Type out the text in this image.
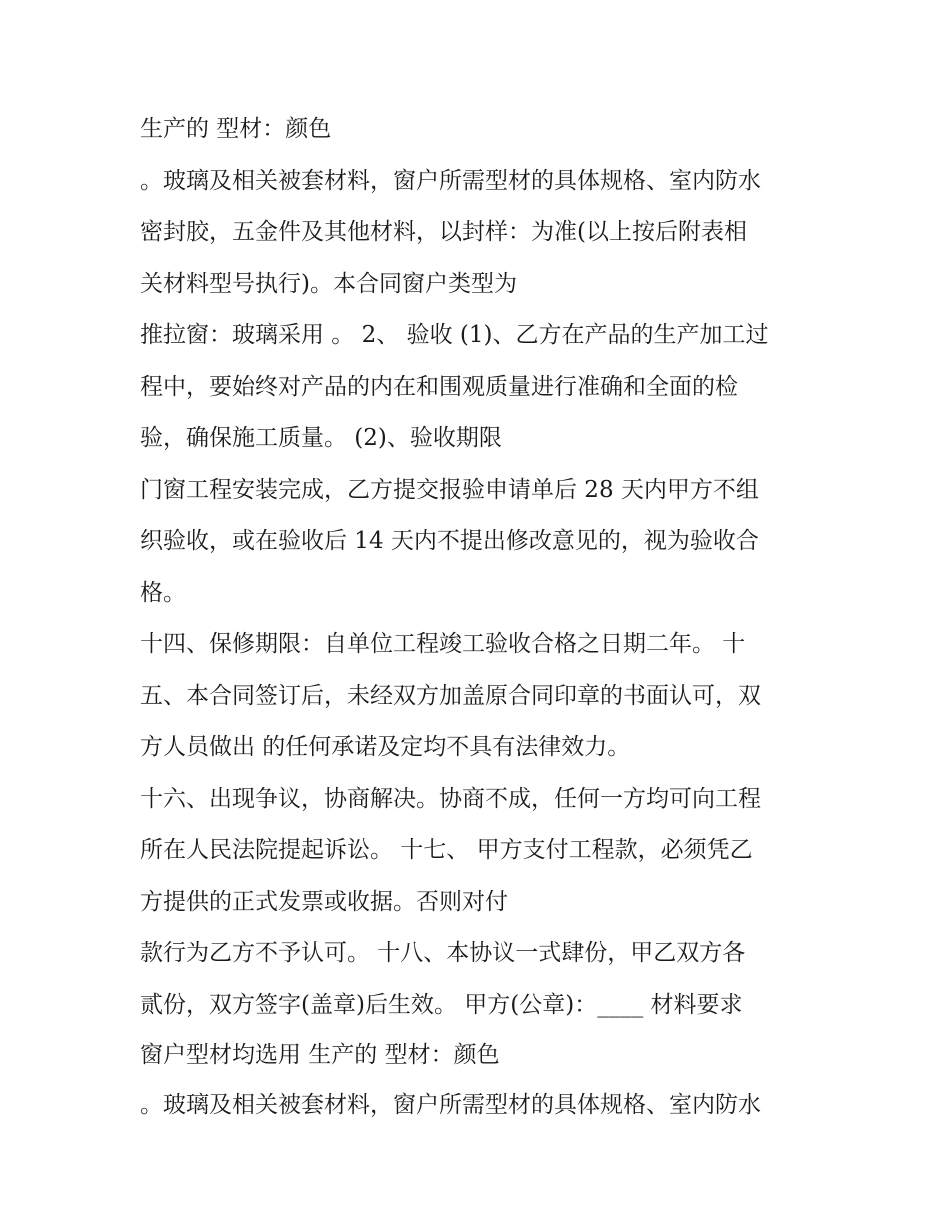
生产的 型材：颜色
。玻璃及相关被套材料，窗户所需型材的具体规格、室内防水
密封胶，五金件及其他材料，以封样：为准(以上按后附表相
关材料型号执行)。本合同窗户类型为
推拉窗：玻璃采用 。 2、 验收 (1)、乙方在产品的生产加工过
程中，要始终对产品的内在和围观质量进行准确和全面的检
验，确保施工质量。 (2)、验收期限
门窗工程安装完成，乙方提交报验申请单后 28 天内甲方不组
织验收，或在验收后 14 天内不提出修改意见的，视为验收合
格。
十四、保修期限：自单位工程竣工验收合格之日期二年。 十
五、本合同签订后，未经双方加盖原合同印章的书面认可，双
方人员做出 的任何承诺及定均不具有法律效力。
十六、出现争议，协商解决。协商不成，任何一方均可向工程
所在人民法院提起诉讼。 十七、 甲方支付工程款，必须凭乙
方提供的正式发票或收据。否则对付
款行为乙方不予认可。 十八、本协议一式肆份，甲乙双方各
贰份，双方签字(盖章)后生效。 甲方(公章)：____ 材料要求
窗户型材均选用 生产的 型材：颜色
。玻璃及相关被套材料，窗户所需型材的具体规格、室内防水
